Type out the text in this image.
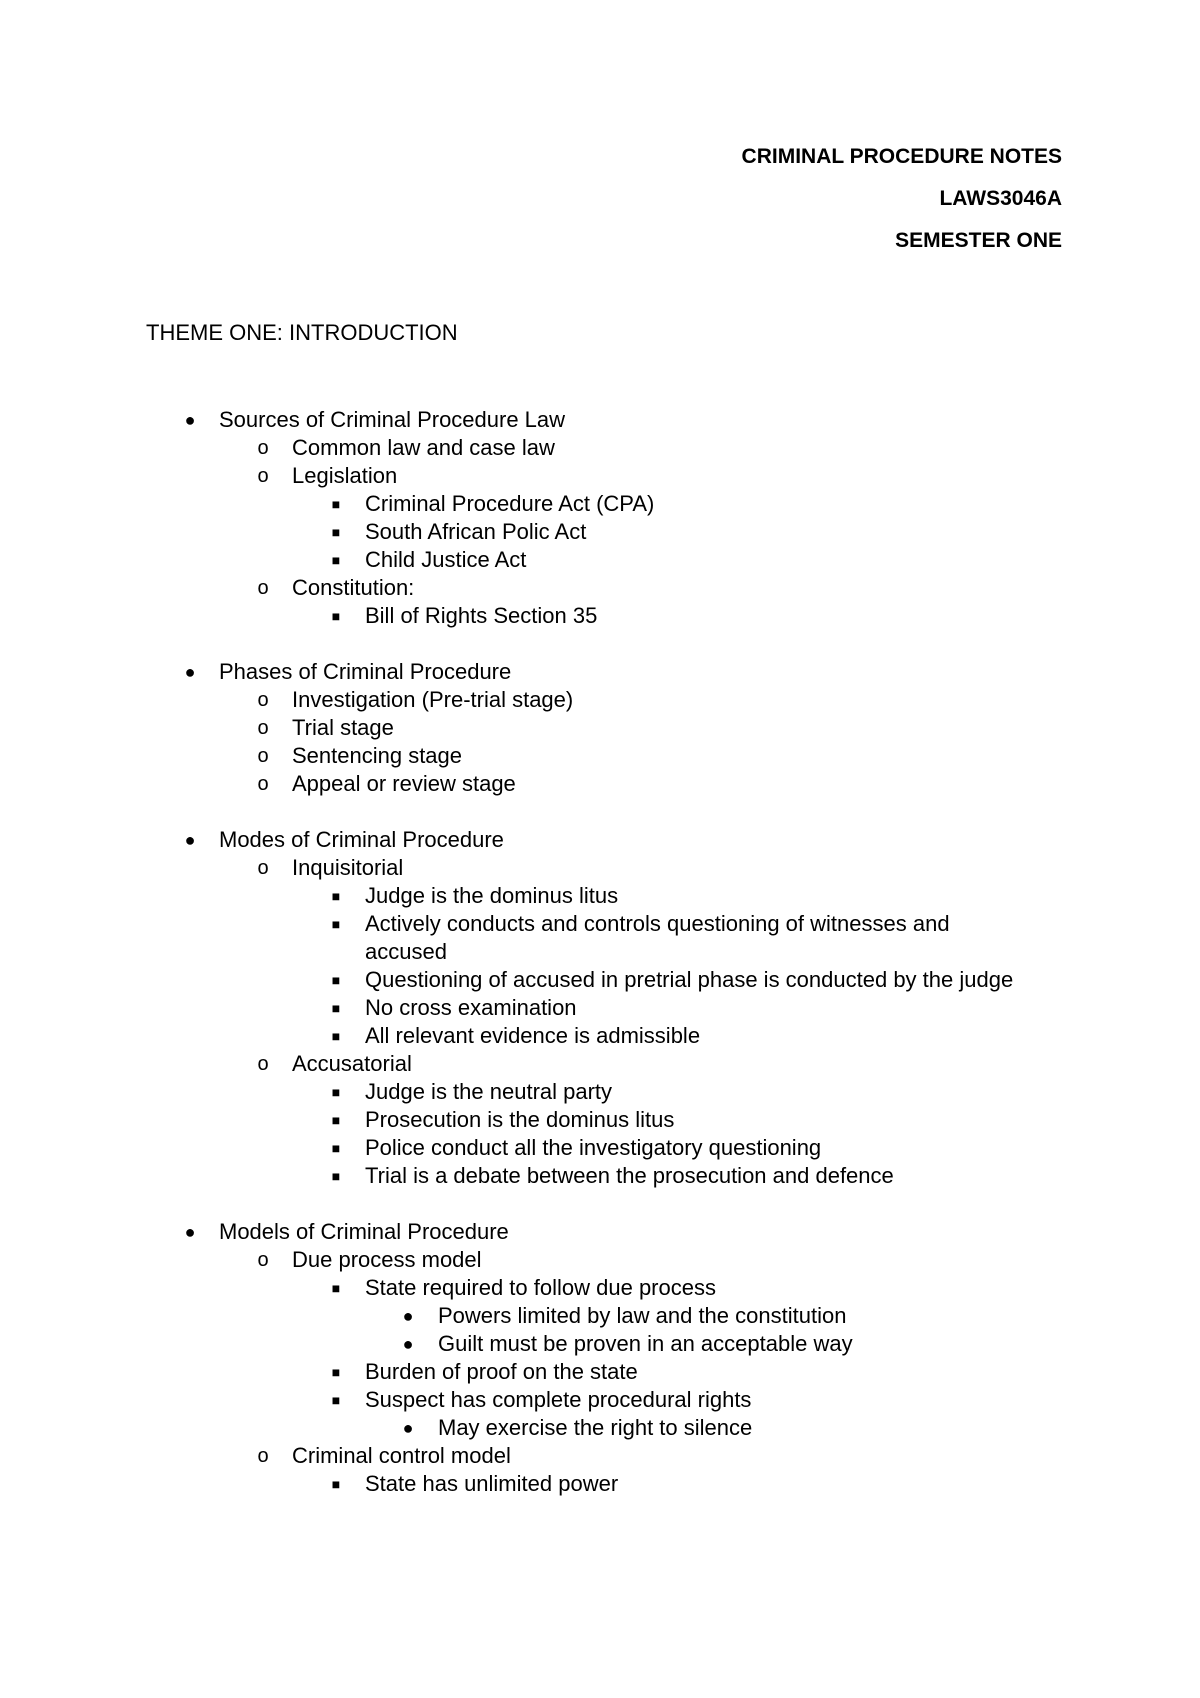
CRIMINAL PROCEDURE NOTES
LAWS3046A
SEMESTER ONE
THEME ONE: INTRODUCTION
● Sources of Criminal Procedure Law
o Common law and case law
o Legislation
■ Criminal Procedure Act (CPA)
■ South African Polic Act
■ Child Justice Act
o Constitution:
■ Bill of Rights Section 35
● Phases of Criminal Procedure
o Investigation (Pre-trial stage)
o Trial stage
o Sentencing stage
o Appeal or review stage
● Modes of Criminal Procedure
o Inquisitorial
■ Judge is the dominus litus
■ Actively conducts and controls questioning of witnesses and accused
■ Questioning of accused in pretrial phase is conducted by the judge
■ No cross examination
■ All relevant evidence is admissible
o Accusatorial
■ Judge is the neutral party
■ Prosecution is the dominus litus
■ Police conduct all the investigatory questioning
■ Trial is a debate between the prosecution and defence
● Models of Criminal Procedure
o Due process model
■ State required to follow due process
● Powers limited by law and the constitution
● Guilt must be proven in an acceptable way
■ Burden of proof on the state
■ Suspect has complete procedural rights
● May exercise the right to silence
o Criminal control model
■ State has unlimited power
